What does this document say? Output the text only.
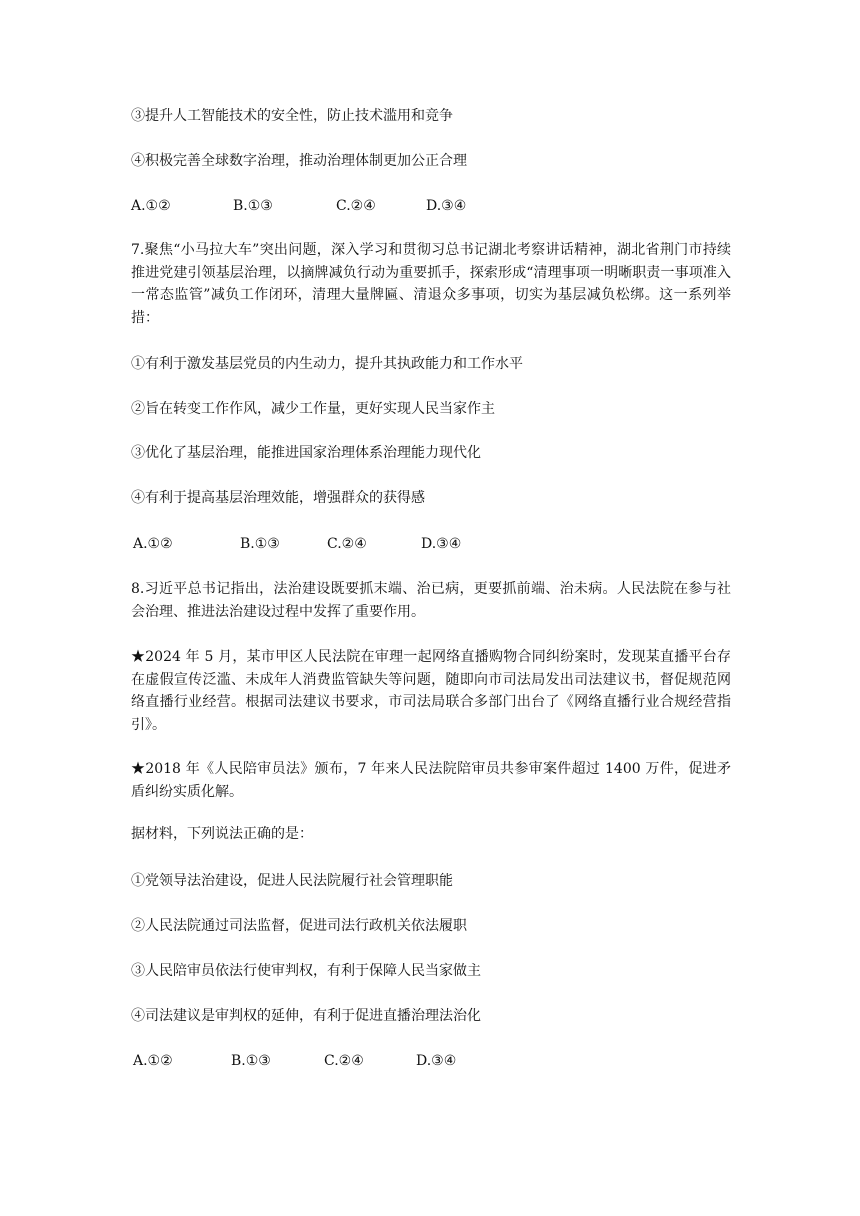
③提升人工智能技术的安全性，防止技术滥用和竞争
④积极完善全球数字治理，推动治理体制更加公正合理
A.①②	B.①③	C.②④	D.③④
7.聚焦“小马拉大车”突出问题，深入学习和贯彻习总书记湖北考察讲话精神，湖北省荆门市持续推进党建引领基层治理，以摘牌减负行动为重要抓手，探索形成“清理事项一明晰职责一事项准入一常态监管”减负工作闭环，清理大量牌匾、清退众多事项，切实为基层减负松绑。这一系列举措：
①有利于激发基层党员的内生动力，提升其执政能力和工作水平
②旨在转变工作作风，减少工作量，更好实现人民当家作主
③优化了基层治理，能推进国家治理体系治理能力现代化
④有利于提高基层治理效能，增强群众的获得感
A.①②	B.①③	C.②④	D.③④
8.习近平总书记指出，法治建设既要抓末端、治已病，更要抓前端、治未病。人民法院在参与社会治理、推进法治建设过程中发挥了重要作用。
★2024 年 5 月，某市甲区人民法院在审理一起网络直播购物合同纠纷案时，发现某直播平台存在虚假宣传泛滥、未成年人消费监管缺失等问题，随即向市司法局发出司法建议书，督促规范网络直播行业经营。根据司法建议书要求，市司法局联合多部门出台了《网络直播行业合规经营指引》。
★2018 年《人民陪审员法》颁布，7 年来人民法院陪审员共参审案件超过 1400 万件，促进矛盾纠纷实质化解。
据材料，下列说法正确的是：
①党领导法治建设，促进人民法院履行社会管理职能
②人民法院通过司法监督，促进司法行政机关依法履职
③人民陪审员依法行使审判权，有利于保障人民当家做主
④司法建议是审判权的延伸，有利于促进直播治理法治化
A.①②	B.①③	C.②④	D.③④
